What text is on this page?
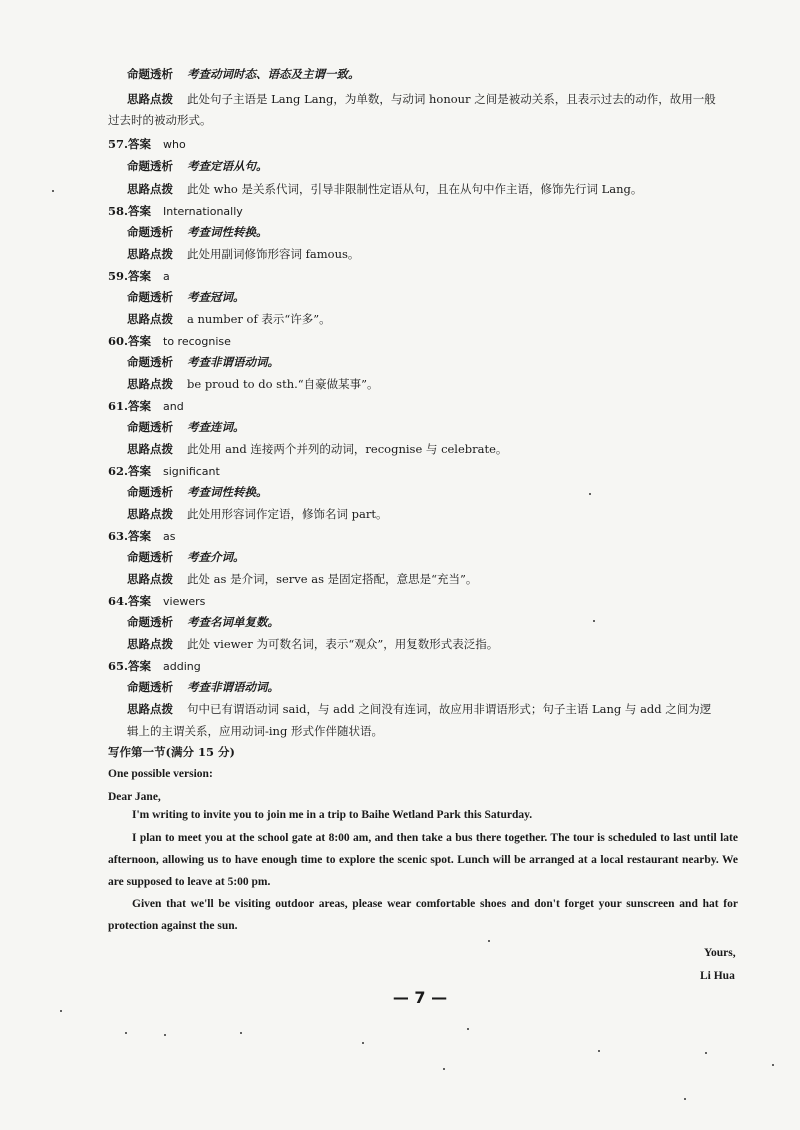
命题透析 考查动词时态、语态及主谓一致。
思路点拨 此处句子主语是 Lang Lang，为单数，与动词 honour 之间是被动关系，且表示过去的动作，故用一般
过去时的被动形式。
57.答案 who
命题透析 考查定语从句。
思路点拨 此处 who 是关系代词，引导非限制性定语从句，且在从句中作主语，修饰先行词 Lang。
58.答案 Internationally
命题透析 考查词性转换。
思路点拨 此处用副词修饰形容词 famous。
59.答案 a
命题透析 考查冠词。
思路点拨 a number of 表示“许多”。
60.答案 to recognise
命题透析 考查非谓语动词。
思路点拨 be proud to do sth.“自豪做某事”。
61.答案 and
命题透析 考查连词。
思路点拨 此处用 and 连接两个并列的动词，recognise 与 celebrate。
62.答案 significant
命题透析 考查词性转换。
思路点拨 此处用形容词作定语，修饰名词 part。
63.答案 as
命题透析 考查介词。
思路点拨 此处 as 是介词，serve as 是固定搭配，意思是“充当”。
64.答案 viewers
命题透析 考查名词单复数。
思路点拨 此处 viewer 为可数名词，表示“观众”，用复数形式表泛指。
65.答案 adding
命题透析 考查非谓语动词。
思路点拨 句中已有谓语动词 said，与 add 之间没有连词，故应用非谓语形式；句子主语 Lang 与 add 之间为逻
辑上的主谓关系，应用动词-ing 形式作伴随状语。
写作第一节(满分 15 分)
One possible version:
Dear Jane,
I'm writing to invite you to join me in a trip to Baihe Wetland Park this Saturday.
I plan to meet you at the school gate at 8:00 am, and then take a bus there together. The tour is scheduled to last until late afternoon, allowing us to have enough time to explore the scenic spot. Lunch will be arranged at a local restaurant nearby. We are supposed to leave at 5:00 pm.
Given that we'll be visiting outdoor areas, please wear comfortable shoes and don't forget your sunscreen and hat for protection against the sun.
Yours,
Li Hua
— 7 —
